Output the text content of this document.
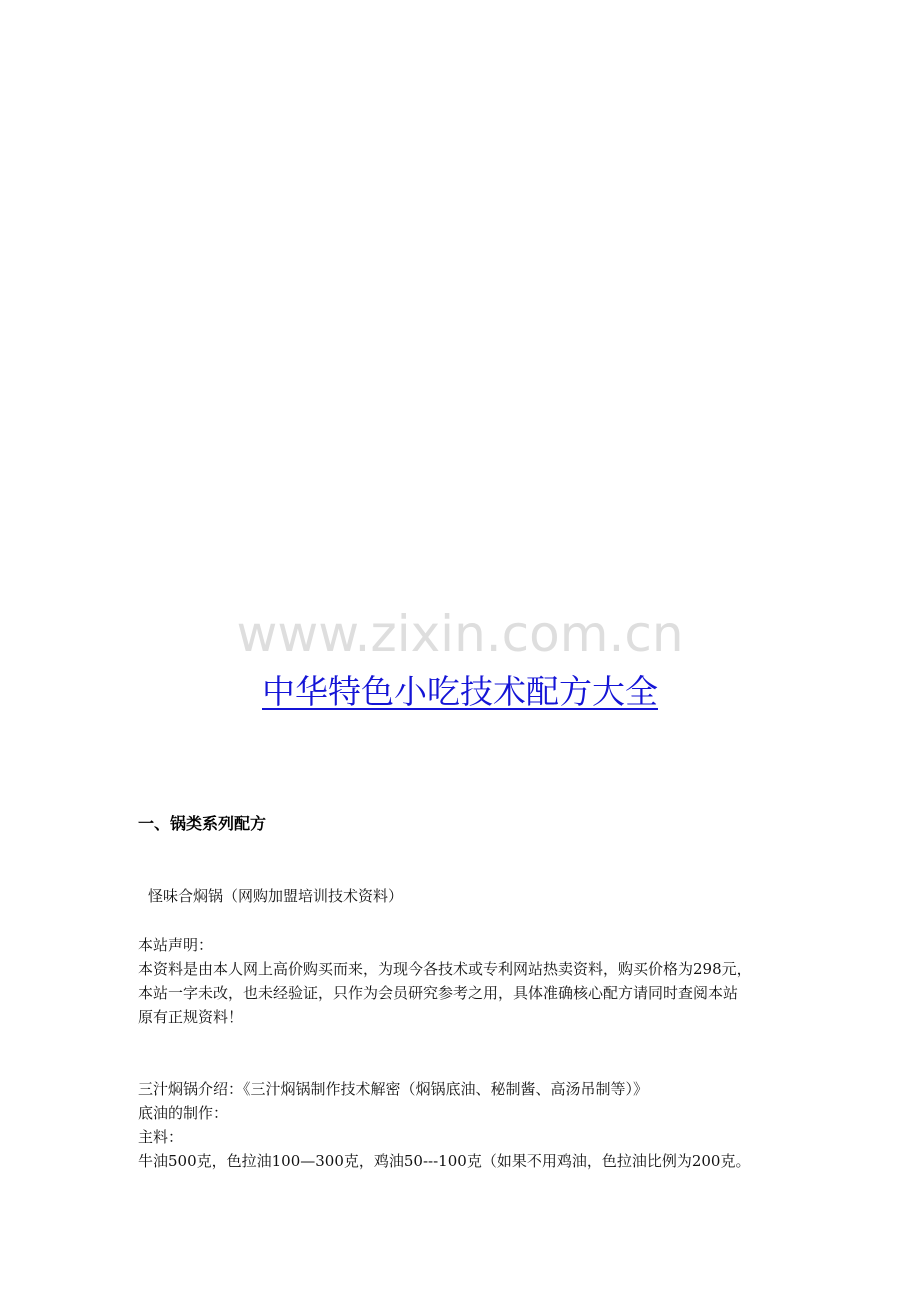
www.zixin.com.cn
中华特色小吃技术配方大全
一、锅类系列配方
怪味合焖锅（网购加盟培训技术资料）
本站声明：
本资料是由本人网上高价购买而来，为现今各技术或专利网站热卖资料，购买价格为298元，
本站一字未改，也未经验证，只作为会员研究参考之用，具体准确核心配方请同时查阅本站
原有正规资料！
三汁焖锅介绍：《三汁焖锅制作技术解密（焖锅底油、秘制酱、高汤吊制等）》
底油的制作：
主料：
牛油500克，色拉油100—300克，鸡油50---100克（如果不用鸡油，色拉油比例为200克。
